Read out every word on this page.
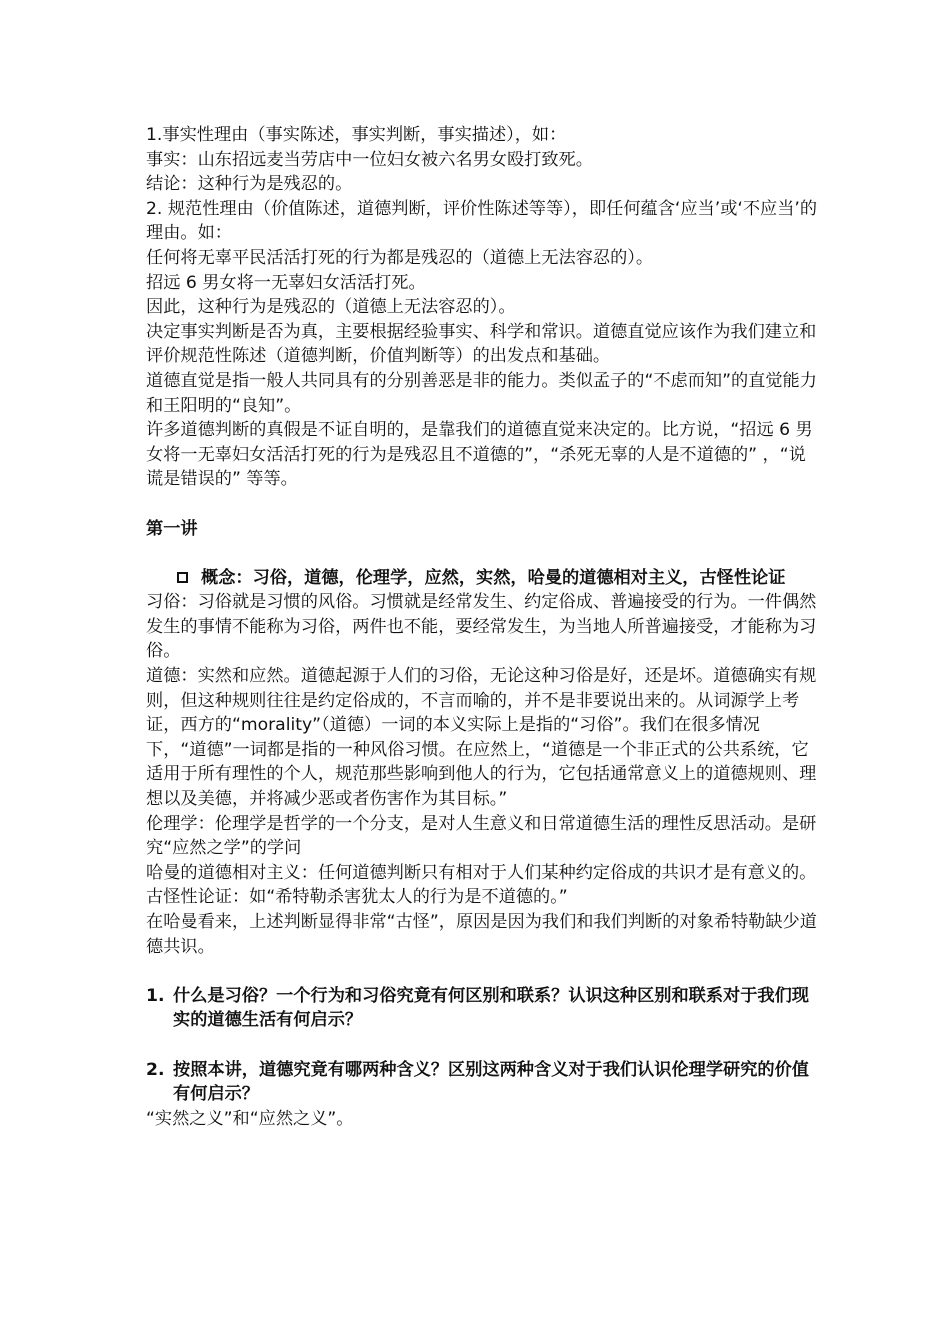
1.事实性理由（事实陈述，事实判断，事实描述），如：

事实：山东招远麦当劳店中一位妇女被六名男女殴打致死。

结论：这种行为是残忍的。

2. 规范性理由（价值陈述，道德判断，评价性陈述等等），即任何蕴含‘应当’或‘不应当’的理由。如：

任何将无辜平民活活打死的行为都是残忍的（道德上无法容忍的）。

招远 6 男女将一无辜妇女活活打死。

因此，这种行为是残忍的（道德上无法容忍的）。

决定事实判断是否为真，主要根据经验事实、科学和常识。道德直觉应该作为我们建立和评价规范性陈述（道德判断，价值判断等）的出发点和基础。

道德直觉是指一般人共同具有的分别善恶是非的能力。类似孟子的“不虑而知”的直觉能力和王阳明的“良知”。

许多道德判断的真假是不证自明的，是靠我们的道德直觉来决定的。比方说，“招远 6 男女将一无辜妇女活活打死的行为是残忍且不道德的”，“杀死无辜的人是不道德的” ，“说谎是错误的” 等等。

第一讲

概念：习俗，道德，伦理学，应然，实然，哈曼的道德相对主义，古怪性论证

习俗：习俗就是习惯的风俗。习惯就是经常发生、约定俗成、普遍接受的行为。一件偶然发生的事情不能称为习俗，两件也不能，要经常发生，为当地人所普遍接受，才能称为习俗。

道德：实然和应然。道德起源于人们的习俗，无论这种习俗是好，还是坏。道德确实有规则，但这种规则往往是约定俗成的，不言而喻的，并不是非要说出来的。从词源学上考证，西方的“morality”（道德）一词的本义实际上是指的“习俗”。我们在很多情况下，“道德”一词都是指的一种风俗习惯。在应然上，“道德是一个非正式的公共系统，它适用于所有理性的个人，规范那些影响到他人的行为，它包括通常意义上的道德规则、理想以及美德，并将减少恶或者伤害作为其目标。”

伦理学：伦理学是哲学的一个分支，是对人生意义和日常道德生活的理性反思活动。是研究“应然之学”的学问

哈曼的道德相对主义：任何道德判断只有相对于人们某种约定俗成的共识才是有意义的。

古怪性论证：如“希特勒杀害犹太人的行为是不道德的。”

在哈曼看来，上述判断显得非常“古怪”，原因是因为我们和我们判断的对象希特勒缺少道德共识。

1. 什么是习俗？一个行为和习俗究竟有何区别和联系？认识这种区别和联系对于我们现实的道德生活有何启示？
2. 按照本讲，道德究竟有哪两种含义？区别这两种含义对于我们认识伦理学研究的价值有何启示？

“实然之义”和“应然之义”。
